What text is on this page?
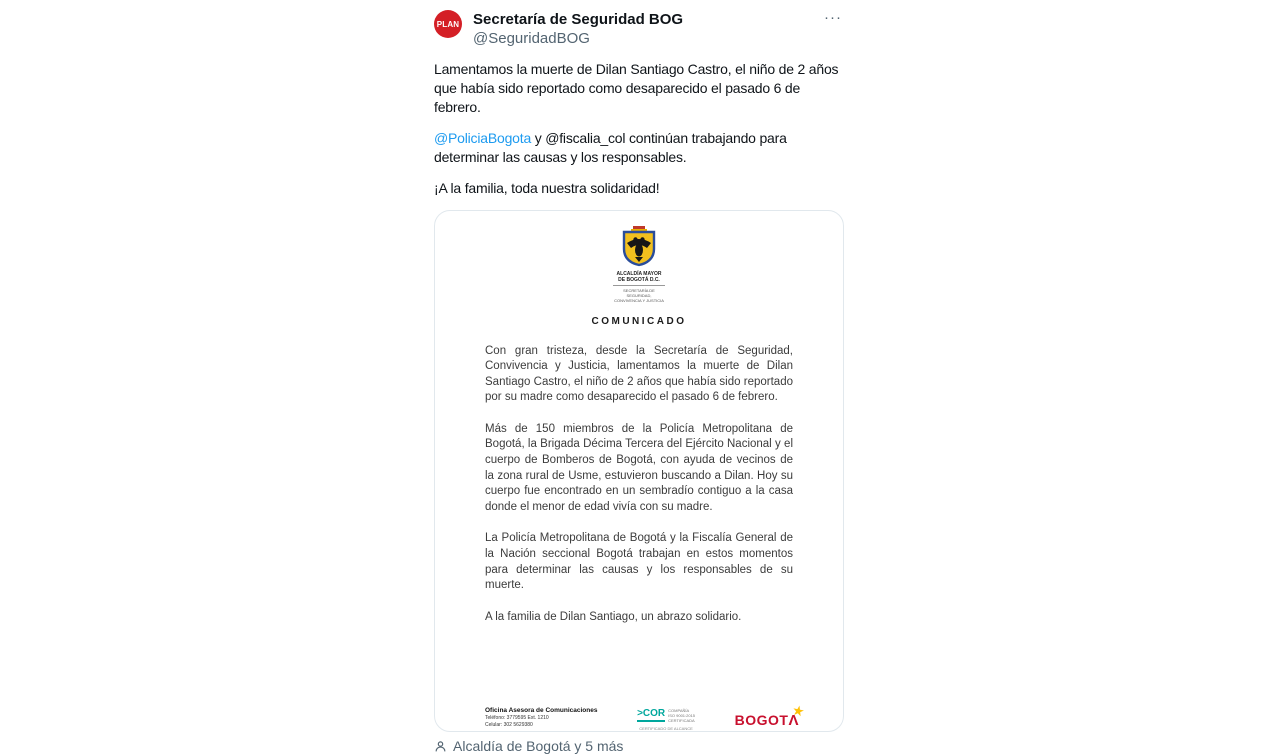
PLAN Secretaría de Seguridad BOG
@SeguridadBOG
···

Lamentamos la muerte de Dilan Santiago Castro, el niño de 2 años que había sido reportado como desaparecido el pasado 6 de febrero.

@PoliciaBogota y @fiscalia_col continúan trabajando para determinar las causas y los responsables.

¡A la familia, toda nuestra solidaridad!

ALCALDÍA MAYOR DE BOGOTÁ D.C.
SECRETARÍA DE SEGURIDAD, CONVIVENCIA Y JUSTICIA
COMUNICADO

Con gran tristeza, desde la Secretaría de Seguridad, Convivencia y Justicia, lamentamos la muerte de Dilan Santiago Castro, el niño de 2 años que había sido reportado por su madre como desaparecido el pasado 6 de febrero.

Más de 150 miembros de la Policía Metropolitana de Bogotá, la Brigada Décima Tercera del Ejército Nacional y el cuerpo de Bomberos de Bogotá, con ayuda de vecinos de la zona rural de Usme, estuvieron buscando a Dilan. Hoy su cuerpo fue encontrado en un sembradío contiguo a la casa donde el menor de edad vivía con su madre.

La Policía Metropolitana de Bogotá y la Fiscalía General de la Nación seccional Bogotá trabajan en estos momentos para determinar las causas y los responsables de su muerte.

A la familia de Dilan Santiago, un abrazo solidario.

Oficina Asesora de Comunicaciones
Teléfono: 3779595 Ext. 1210
Celular: 302 5629380
>COR COMPAÑÍA
ISO 9001:2015
CERTIFICADA
CERTIFICADO DE ALCANCE
BOGOTΛ
★
Alcaldía de Bogotá y 5 más
